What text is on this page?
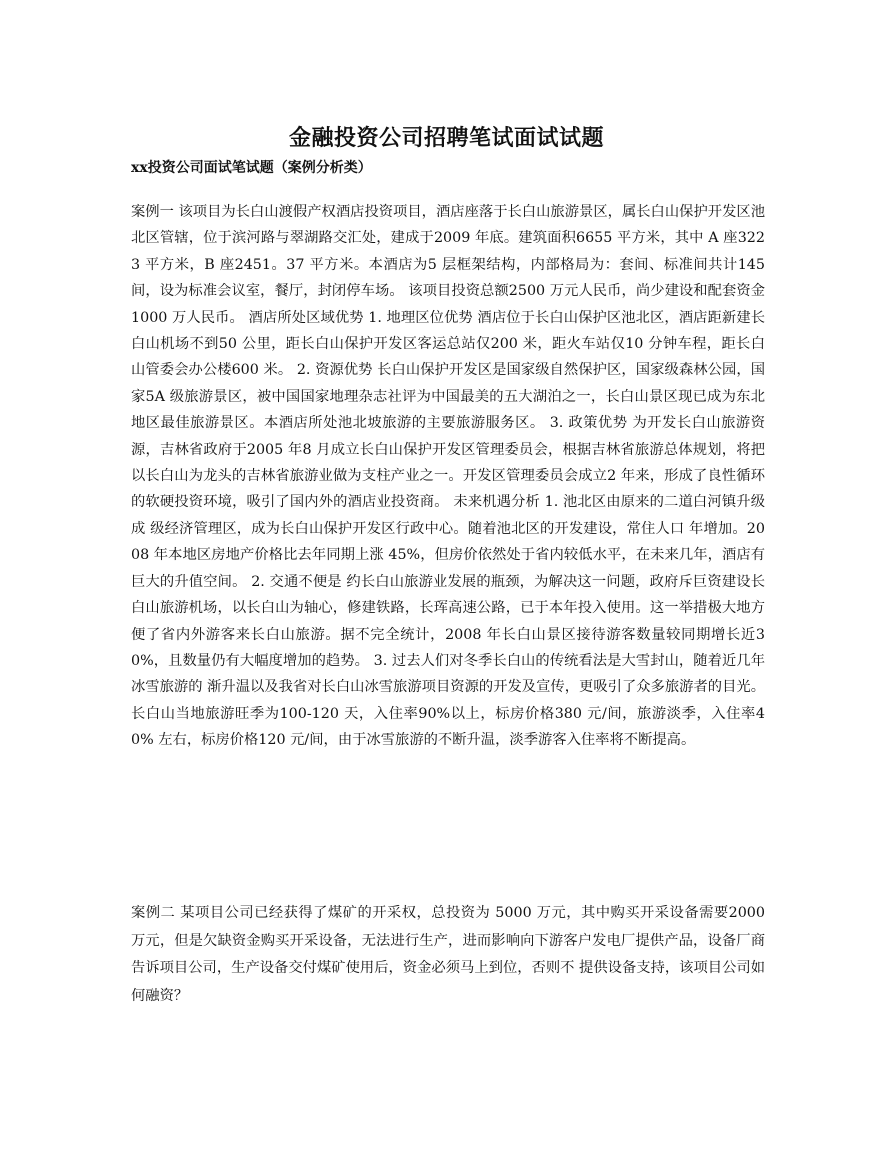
金融投资公司招聘笔试面试试题
xx投资公司面试笔试题（案例分析类）

案例一 该项目为长白山渡假产权酒店投资项目，酒店座落于长白山旅游景区，属长白山保护开发区池北区管辖，位于滨河路与翠湖路交汇处，建成于2009 年底。建筑面积6655 平方米，其中 A 座3223 平方米，B 座2451。37 平方米。本酒店为5 层框架结构，内部格局为：套间、标准间共计145 间，设为标准会议室，餐厅，封闭停车场。 该项目投资总额2500 万元人民币，尚少建设和配套资金1000 万人民币。 酒店所处区域优势 1. 地理区位优势 酒店位于长白山保护区池北区，酒店距新建长白山机场不到50 公里，距长白山保护开发区客运总站仅200 米，距火车站仅10 分钟车程，距长白山管委会办公楼600 米。 2. 资源优势 长白山保护开发区是国家级自然保护区，国家级森林公园，国家5A 级旅游景区，被中国国家地理杂志社评为中国最美的五大湖泊之一，长白山景区现已成为东北地区最佳旅游景区。本酒店所处池北坡旅游的主要旅游服务区。 3. 政策优势 为开发长白山旅游资源，吉林省政府于2005 年8 月成立长白山保护开发区管理委员会，根据吉林省旅游总体规划，将把以长白山为龙头的吉林省旅游业做为支柱产业之一。开发区管理委员会成立2 年来，形成了良性循环的软硬投资环境，吸引了国内外的酒店业投资商。 未来机遇分析 1. 池北区由原来的二道白河镇升级成 级经济管理区，成为长白山保护开发区行政中心。随着池北区的开发建设，常住人口 年增加。2008 年本地区房地产价格比去年同期上涨 45%，但房价依然处于省内较低水平，在未来几年，酒店有巨大的升值空间。 2. 交通不便是 约长白山旅游业发展的瓶颈，为解决这一问题，政府斥巨资建设长白山旅游机场，以长白山为轴心，修建铁路，长珲高速公路，已于本年投入使用。这一举措极大地方便了省内外游客来长白山旅游。据不完全统计，2008 年长白山景区接待游客数量较同期增长近30%，且数量仍有大幅度增加的趋势。 3. 过去人们对冬季长白山的传统看法是大雪封山，随着近几年冰雪旅游的 渐升温以及我省对长白山冰雪旅游项目资源的开发及宣传，更吸引了众多旅游者的目光。长白山当地旅游旺季为100-120 天，入住率90%以上，标房价格380 元/间，旅游淡季，入住率40% 左右，标房价格120 元/间，由于冰雪旅游的不断升温，淡季游客入住率将不断提高。

案例二 某项目公司已经获得了煤矿的开采权，总投资为 5000 万元，其中购买开采设备需要2000 万元，但是欠缺资金购买开采设备，无法进行生产，进而影响向下游客户发电厂提供产品，设备厂商告诉项目公司，生产设备交付煤矿使用后，资金必须马上到位，否则不 提供设备支持，该项目公司如何融资？
